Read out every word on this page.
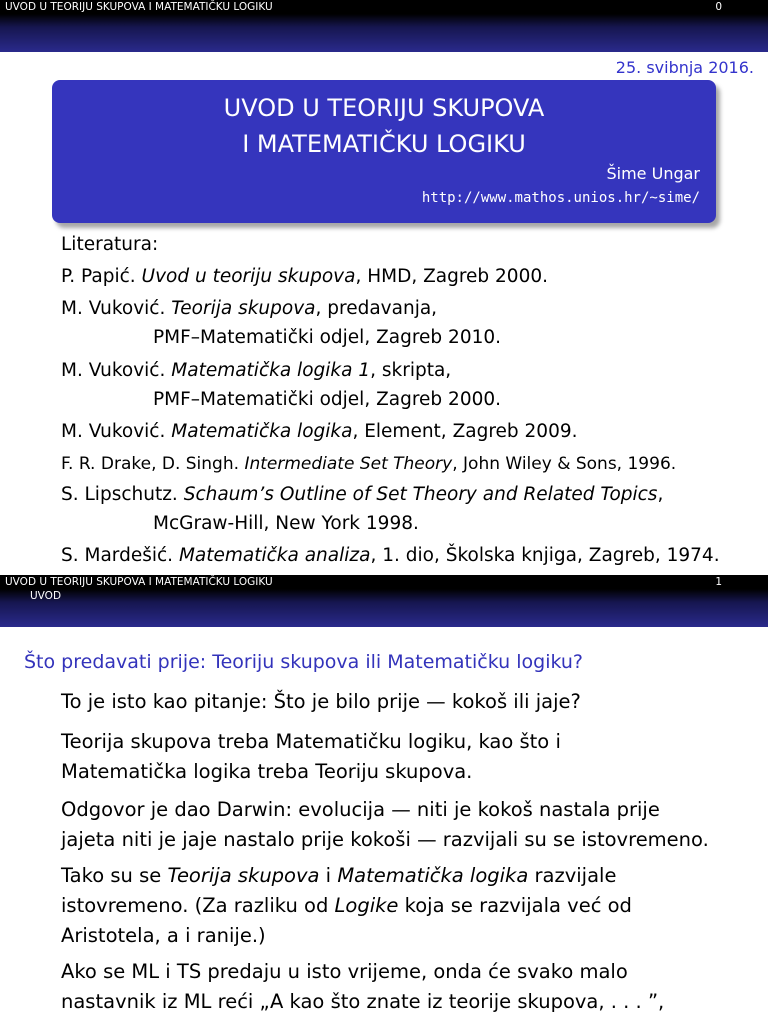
UVOD U TEORIJU SKUPOVA I MATEMATIČKU LOGIKU	0
25. svibnja 2016.
UVOD U TEORIJU SKUPOVA
I MATEMATIČKU LOGIKU
Šime Ungar
http://www.mathos.unios.hr/~sime/
Literatura:
P. Papić. Uvod u teoriju skupova, HMD, Zagreb 2000.
M. Vuković. Teorija skupova, predavanja,
PMF–Matematički odjel, Zagreb 2010.
M. Vuković. Matematička logika 1, skripta,
PMF–Matematički odjel, Zagreb 2000.
M. Vuković. Matematička logika, Element, Zagreb 2009.
F. R. Drake, D. Singh. Intermediate Set Theory, John Wiley & Sons, 1996.
S. Lipschutz. Schaum’s Outline of Set Theory and Related Topics,
McGraw-Hill, New York 1998.
S. Mardešić. Matematička analiza, 1. dio, Školska knjiga, Zagreb, 1974.
UVOD U TEORIJU SKUPOVA I MATEMATIČKU LOGIKU	1
UVOD
Što predavati prije: Teoriju skupova ili Matematičku logiku?
To je isto kao pitanje: Što je bilo prije — kokoš ili jaje?
Teorija skupova treba Matematičku logiku, kao što i
Matematička logika treba Teoriju skupova.
Odgovor je dao Darwin: evolucija — niti je kokoš nastala prije
jajeta niti je jaje nastalo prije kokoši — razvijali su se istovremeno.
Tako su se Teorija skupova i Matematička logika razvijale
istovremeno. (Za razliku od Logike koja se razvijala već od
Aristotela, a i ranije.)
Ako se ML i TS predaju u isto vrijeme, onda će svako malo
nastavnik iz ML reći „A kao što znate iz teorije skupova, . . . ”,
